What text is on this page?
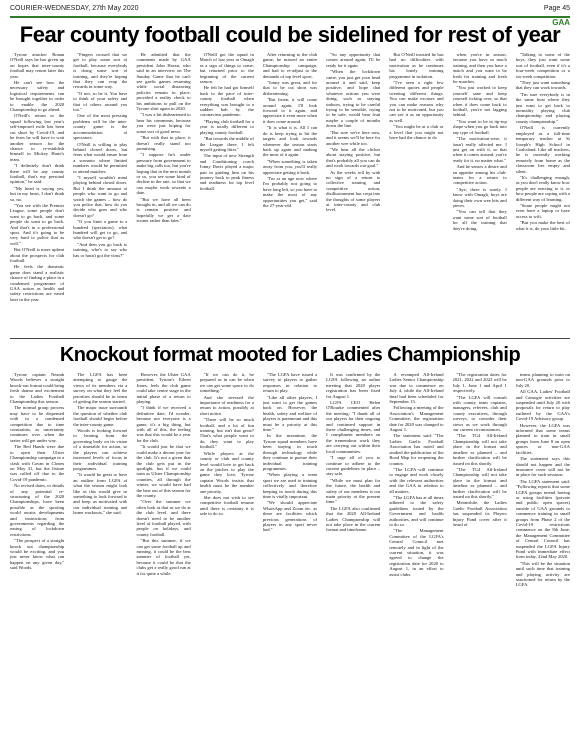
COURIER-WEDNESDAY, 27th May 2020	Page 45
GAA
Fear county football could be sidelined for rest of year

Tyrone attacker Ronan O'Neill says he has given up on hopes that inter-county football may return later this year.

He can't see how the necessary safety and logistical requirements can be brought together in order to enable the 2020 Championship to go ahead.

O'Neill's return to the squad following last year's self-imposed exile has been cut short by Covid-19, and he fears he will have to wait another season for the chance to re-establish himself in Mickey Harte's team.

"I definitely don't think there will be any county football, that's my personal opinion," he said.

"My head is saying yes, but in my heart, I don't think so, no.

"You see with the Premier League, some people don't want to go back, and some people do want to go back. And that's in a professional sport. And it's going to be very hard to police that as well."

But O'Neill is more upbeat about the prospects for club football.

He feels the domestic game does stand a realistic chance of finding a place in a condensed programme of GAA action as health and safety restrictions are eased later in the year.

"Fingers crossed that we get to play some sort of football, because everybody is doing some sort of training, and they're hoping that they can reap the rewards in some way.

"If not, so be it. You have to think of your safety and that of others around you too."

One of the most pressing problems will be the inter-county game is the accommodation of spectators.

O'Neill is willing to play behind closed doors, but fears what would ensue from a scenario where limited numbers would be permitted to attend matches.

"I myself wouldn't mind playing behind closed doors. But I think the amount of people who want to go and watch the games – how do you police that, how do you decide who goes and who doesn't go?

"If you limit a game to a hundred (spectators), what hundred will get to go, and who doesn't get to go?

"And then you go back to training, who's to say who has or hasn't got the virus?"

He admitted that the comments made by GAA president John Horan, who said in an interview on The Sunday Game that he can't see gaelic games resuming while social distancing policies remain in place, provided a reality check to his ambitions to pull on the Tyrone shirt again in 2020.

"I was a bit disheartened to hear his comments, because you were just hoping for some sort of good news.

"But with that in place, it doesn't really stand too promising.

"I suppose he's under pressure from government to make big calls too, but you're hoping that in the next month or so, you see some kind of decline in the rate, so that we can maybe work towards a date.

"But we have all been brought in, and all we can do is remain positive and hopefully we get a date sooner rather than later."

O'Neill got the squad in March of last year at Omagh as a sign of things to come, but returned prior to the beginning of the current season.

He felt he had got himself back to the pace of inter-county football when everything was brought to a sudden halt by the coronavirus pandemic.

"Playing club football for a year is totally different to playing county football.

"But towards the middle of the League there, I felt myself getting fitter."

The input of new Strength and Conditioning coach Jonny Davis played a major part in guiding him on his journey back to peak fitness and readiness for top level football.

After returning to the club game, he missed an entire Championship campaign, and had to re-adjust to the demands of top level sport.

"Jonny was great, and for that to be cut short was disheartening.

"But listen, it will come around again, I'll look forward to it again, and appreciate it even more when it does come around.

"It is what it is. All I can do is keep trying to hit the targets and look towards whenever the season starts back up again and making the most of it again.

"When something is taken away from you, you'll really appreciate getting it back.

"I'm at an age now where I'm probably not going to have long left, so you have to make the most of any opportunities you get," said the 27-year-old.

"So any opportunity that comes around again, I'll be ready for it again.

"When the lockdown came, you just get your head around it and said, keep positive, and hope that whatever actions you were doing, such as staying indoors, trying to be careful trying to be sensible, trying to be safe, would bear fruit maybe a couple of months down the line.

"But sure we're here now, and it seems we'll be here for another wee while too.

"We hear all the cliches about staying positive, but that's probably all you can do and work towards our goal."

As the weeks roll by with no sign of a return to collective training and competitive action, disillusionment has crept into the thoughts of some players at inter-county and club level.

But O'Neill insisted he has had no difficulties with motivation as he continues his lonely training programme in isolation.

"I've seen a right few different quotes and people tweeting different things. You can make excuses and you can make reasons why not to be motivated, but you can see it as an opportunity as well.

"You might be at a club or a level that you might not have had the chance to do

when you're in season, because you have so much training, and then you have a match and you want to be fresh for training and fresh for matches.

"You just worked to keep yourself sane and keep yourself ticking over, so that when it does come back to football, you're not lagging behind.

"You want to be in tip-top shape when you go back into any type of football.

"The motivation-wise, it hasn't really affected me. I just get on with it, so that when it comes around, you're ready for it, no matter what."

And he senses a desire and an appetite among his club-mates for a return to competitive action.

"Aye, there is surely. I know with Omagh, boys are doing their own wee bits and pieces.

"You can tell that they want some sort of football for all the training that they're doing.

"Talking to some of the boys, they just want some sort of football, even if it's a four-week competition or a six-week competition.

"They just want something that they can work towards.

"I'm sure everybody is in the same boat where they just want to get back to normality playing club championship and playing county championship."

O'Neill is currently employed as a full-time temporary teacher at St Joseph's High School in Coalisland. Like all teachers, he is currently working remotely from home as the classroom lies empty and silent.

"It's challenging enough, as you don't really know how people are reacting to it, or how people are coping with a different way of learning.

"Some people might not even have a laptop or have access to wifi.

"But you make the best of what it is, do your little bit.

Knockout format mooted for Ladies Championship

Tyrone captain Neamh Woods believes a straight knock-out format could bring fresh drama and excitement to the Ladies Football Championship this season.

The normal group process may have to be dispensed with in a condensed competition due to time constraints, as uncertainty continues over when the series will get under way.

The Red Hands were due to open their Ulster Championship campaign in a clash with Cavan in Clones on May 31, but the fixture was called off due to the Covid-19 pandemic.

No revised dates, or details of any potential re-structuring of the 2020 Championships, have been possible as the sporting world awaits developments and instructions from governments regarding the easing of lockdown restrictions.

"The prospect of a straight knock out championship would be exciting, and you just never know what can happen on any given day," said Woods.

The LGFA has been attempting to gauge the views of its members via a survey on what they feel the priorities should be in terms of getting the season started.

The major issue surrounds the question of whether club football should begin before the inter-county game.

Woods is looking forward to hearing from the governing body on its vision of a timetable for action, so the players can achieve increased levels of focus in their individual training programmes.

"It would be great to have an outline from LGFA of what the season might look like as this would give us something to look forward to and keep us motivated with our individual training and home workouts," she said.

However, the Ulster GAA president, Tyrone's Eileen Jones, feels the club game could take centre stage in the initial phase of a return to playing.

"I think if we received a definitive date, I'd wonder, because not everyone is a game, it's a big thing, but with all of this, the feeling was that this would be a year for the club.

"It would just be that we could make a decent year for the club. It's not a given that the club gets put in the spotlight, but if we could train as Ulster Championship counties, all through the winter, we would have had the best out of this season for the county.

"Over the summer we often look at that as we do at the club level, and there doesn't need to be another level of football played, with people on holidays, and county football.

"But this summer, if we can get some football up and running, it could be the best summer of football yet, because it could be that the clubs get a really good run at it for quite a while.

"If we can do it, be prepared as in can be when we can get some space to do something."

And she stressed the importance of readiness for a return to action, possibly at short notice.

"There will be so much football, and a lot of fun training, but isn't that great? That's what people want to do, they want to play football."

While players at the county or club and county level would love to get back on the pitches to play the game they love, Tyrone captain Woods insists that health must be the number one priority.

She does not wish to see competitive football resume until there is certainty it is safe to do so.

"The LGFA have issued a survey to players to gather responses in relation to return to play.

"Like all other players, I just want to get the games back on. However, the health, safety and welfare of players is paramount and this must be a priority at this time."

In the meantime, the Tyrone squad members have been staying in touch through technology while they continue to pursue their individual training programmes.

"When playing a team sport we are used to training collectively and therefore keeping in touch during this time is vitally important.

"We should appreciate WhatsApp and Zoom etc. as these are facilities which previous generations of players in any sport never had."

It was confirmed by the LGFA following an online meeting that 2020 player registration has been fixed for August 1.

LGFA CEO Helen O'Rourke commented after the meeting: "I thank all of our players for their ongoing and continued support in these challenging times, and I compliment members on the tremendous work they are carrying out within their local communities.

"I urge all of you to continue to adhere to the current guidelines in place – stay safe.

"While we must plan for the future, the health and safety of our members is our main priority at the present time."

The LGFA also confirmed that the 2020 All-Ireland Ladies Championship will not take place in the current format and timeframe.

A revamped All-Ireland Ladies Senior Championship was due to commence on July 4, while the All-Ireland final had been scheduled for September 13.

Following a meeting of the Association's Management Committee, the registration date for 2020 was changed to August 1.

The statement said: "The Ladies Gaelic Football Association has noted and studied the publication of the Road Map for reopening the country.

"The LGFA will continue to engage and work closely with the relevant authorities and the GAA in relation to all matters.

"The LGFA has at all times adhered to the safety guidelines issued by the Government and health authorities, and will continue to do so.

"The Management Committee of the LGFA's Central Council met remotely and in light of the current situation, it was agreed to change the registration date for 2020 to August 1, in an effort to assist clubs.

"The registration dates for 2021, 2022 and 2023 will be July 1, June 1 and April 1 respectively.

"The LGFA will consult with county team captains, managers, referees, club and county executives, through surveys, to consider their views as we work through our current circumstances.

"The TG4 All-Ireland Championship will not take place in the format and timeline as planned – and further clarification will be issued on this shortly.

"The TG4 All-Ireland Championship will not take place in the format and timeline as planned – and further clarification will be issued on this shortly."

Meanwhile, the Ladies Gaelic Football Association has suspended its Players Injury Fund cover after it heard of

teams planning to train on non-GAA grounds prior to July 20.

All GAA, Ladies' Football and Camogie activities are suspended until July 20 with proposals for return to play outlined by the GAA's Covid-19 Advisory group.

However, the LGFA was informed that some teams planned to train in small groups from June 8 on open spaces or non-GAA facilities.

The statement says this should not happen and the insurance cover will not be in place for such sessions.

The LGFA statement said: "Following reports that some LGFA groups intend having or using facilities (private and public open spaces) outside of GAA grounds to commence training in small groups from Phase 2 of the Covid-19 restrictions commence on the 8th June, the Management Committee of Central Council has suspended the LGFA Injury Fund with immediate effect from today, 22nd May 2020.

"This will be the situation until such time that training and playing activity are sanctioned for return by the LGFA.
